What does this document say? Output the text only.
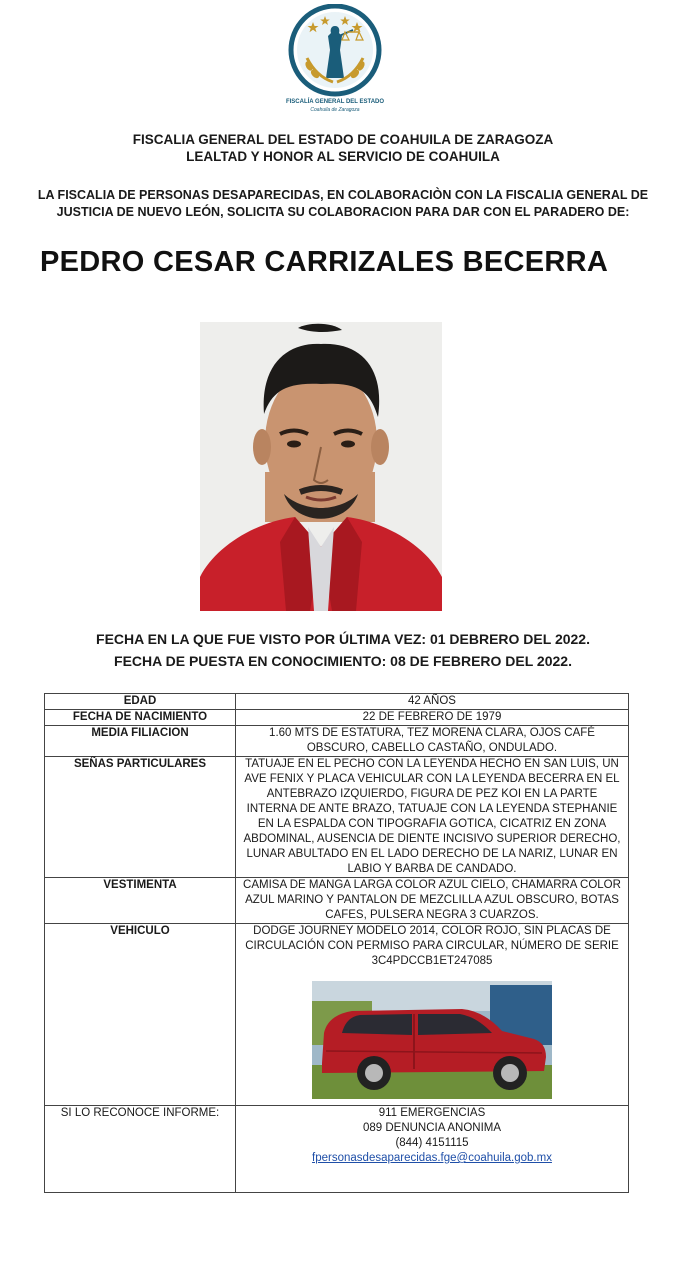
FISCALÍA GENERAL DEL ESTADO
Coahuila de Zaragoza
FISCALIA GENERAL DEL ESTADO DE COAHUILA DE ZARAGOZA
LEALTAD Y HONOR AL SERVICIO DE COAHUILA
LA FISCALIA DE PERSONAS DESAPARECIDAS, EN COLABORACIÒN CON LA FISCALIA GENERAL DE
JUSTICIA DE NUEVO LEÓN, SOLICITA SU COLABORACION PARA DAR CON EL PARADERO DE:
PEDRO CESAR CARRIZALES BECERRA
FECHA EN LA QUE FUE VISTO POR ÚLTIMA VEZ: 01 DEBRERO DEL 2022.
FECHA DE PUESTA EN CONOCIMIENTO: 08 DE FEBRERO DEL 2022.
EDAD	42 AÑOS
FECHA DE NACIMIENTO	22 DE FEBRERO DE 1979
MEDIA FILIACION	1.60 MTS DE ESTATURA, TEZ MORENA CLARA, OJOS CAFÉ OBSCURO, CABELLO CASTAÑO, ONDULADO.
SEÑAS PARTICULARES	TATUAJE EN EL PECHO CON LA LEYENDA HECHO EN SAN LUIS, UN AVE FENIX Y PLACA VEHICULAR CON LA LEYENDA BECERRA EN EL ANTEBRAZO IZQUIERDO, FIGURA DE PEZ KOI EN LA PARTE INTERNA DE ANTE BRAZO, TATUAJE CON LA LEYENDA STEPHANIE EN LA ESPALDA CON TIPOGRAFIA GOTICA, CICATRIZ EN ZONA ABDOMINAL, AUSENCIA DE DIENTE INCISIVO SUPERIOR DERECHO, LUNAR ABULTADO EN EL LADO DERECHO DE LA NARIZ, LUNAR EN LABIO Y BARBA DE CANDADO.
VESTIMENTA	CAMISA DE MANGA LARGA COLOR AZUL CIELO, CHAMARRA COLOR AZUL MARINO Y PANTALON DE MEZCLILLA AZUL OBSCURO, BOTAS CAFES, PULSERA NEGRA 3 CUARZOS.
VEHICULO	DODGE JOURNEY MODELO 2014, COLOR ROJO, SIN PLACAS DE CIRCULACIÓN CON PERMISO PARA CIRCULAR, NÚMERO DE SERIE 3C4PDCCB1ET247085

SI LO RECONOCE INFORME:	911 EMERGENCIAS
089 DENUNCIA ANONIMA
(844) 4151115
fpersonasdesaparecidas.fge@coahuila.gob.mx
